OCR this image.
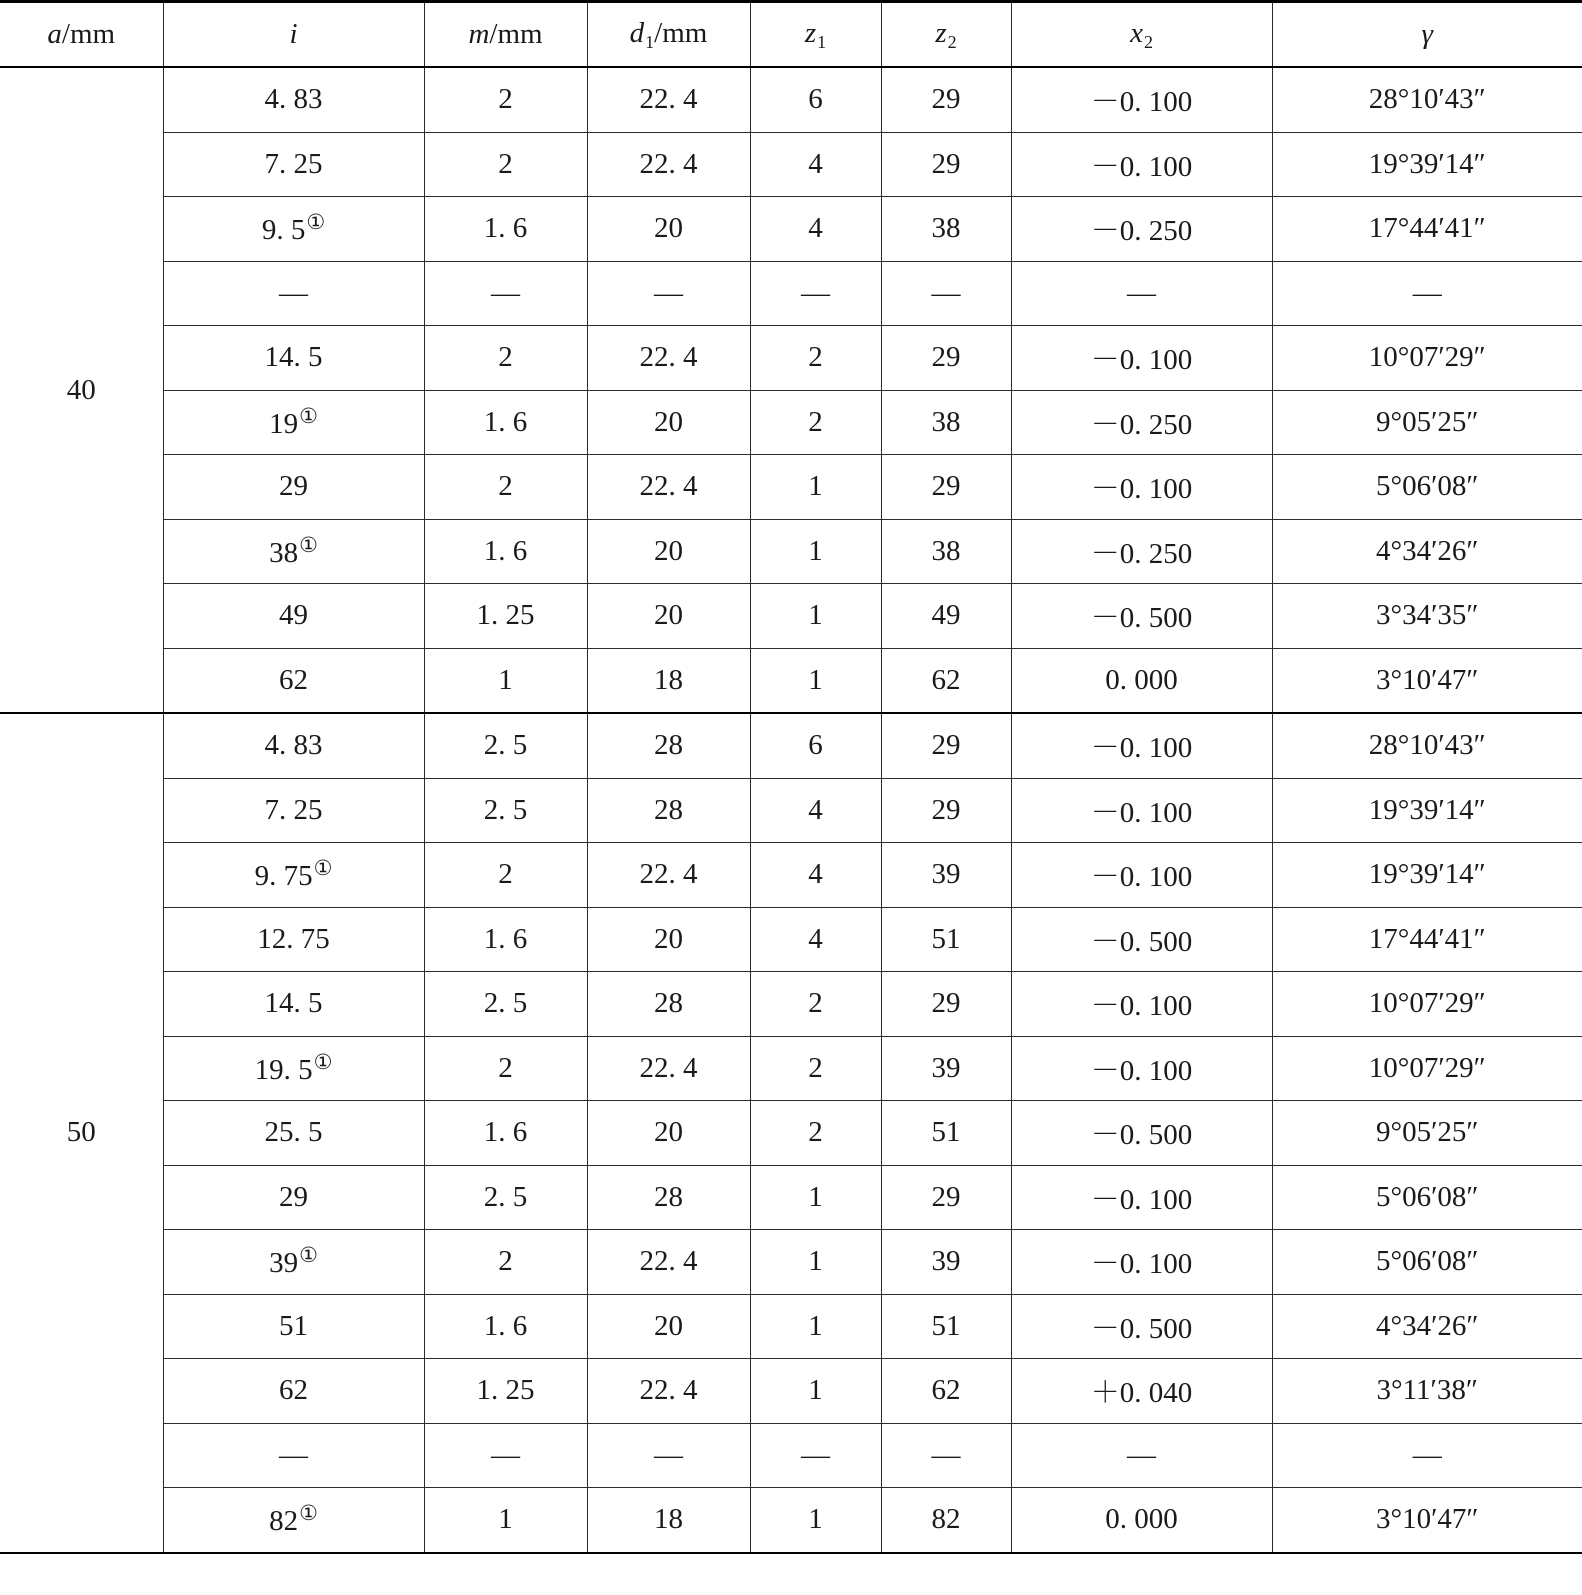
a/mm	i	m/mm	$d_1/mm$	$z_1$	$z_2$	$x_2$	γ
40	4. 83	2	22. 4	6	29	－0. 100	28°10′43″
	7. 25	2	22. 4	4	29	－0. 100	19°39′14″
	9. 5①	1. 6	20	4	38	－0. 250	17°44′41″
	—	—	—	—	—	—	—
	14. 5	2	22. 4	2	29	－0. 100	10°07′29″
	19①	1. 6	20	2	38	－0. 250	9°05′25″
	29	2	22. 4	1	29	－0. 100	5°06′08″
	38①	1. 6	20	1	38	－0. 250	4°34′26″
	49	1. 25	20	1	49	－0. 500	3°34′35″
	62	1	18	1	62	0. 000	3°10′47″
50	4. 83	2. 5	28	6	29	－0. 100	28°10′43″
	7. 25	2. 5	28	4	29	－0. 100	19°39′14″
	9. 75①	2	22. 4	4	39	－0. 100	19°39′14″
	12. 75	1. 6	20	4	51	－0. 500	17°44′41″
	14. 5	2. 5	28	2	29	－0. 100	10°07′29″
	19. 5①	2	22. 4	2	39	－0. 100	10°07′29″
	25. 5	1. 6	20	2	51	－0. 500	9°05′25″
	29	2. 5	28	1	29	－0. 100	5°06′08″
	39①	2	22. 4	1	39	－0. 100	5°06′08″
	51	1. 6	20	1	51	－0. 500	4°34′26″
	62	1. 25	22. 4	1	62	＋0. 040	3°11′38″
	—	—	—	—	—	—	—
	82①	1	18	1	82	0. 000	3°10′47″
